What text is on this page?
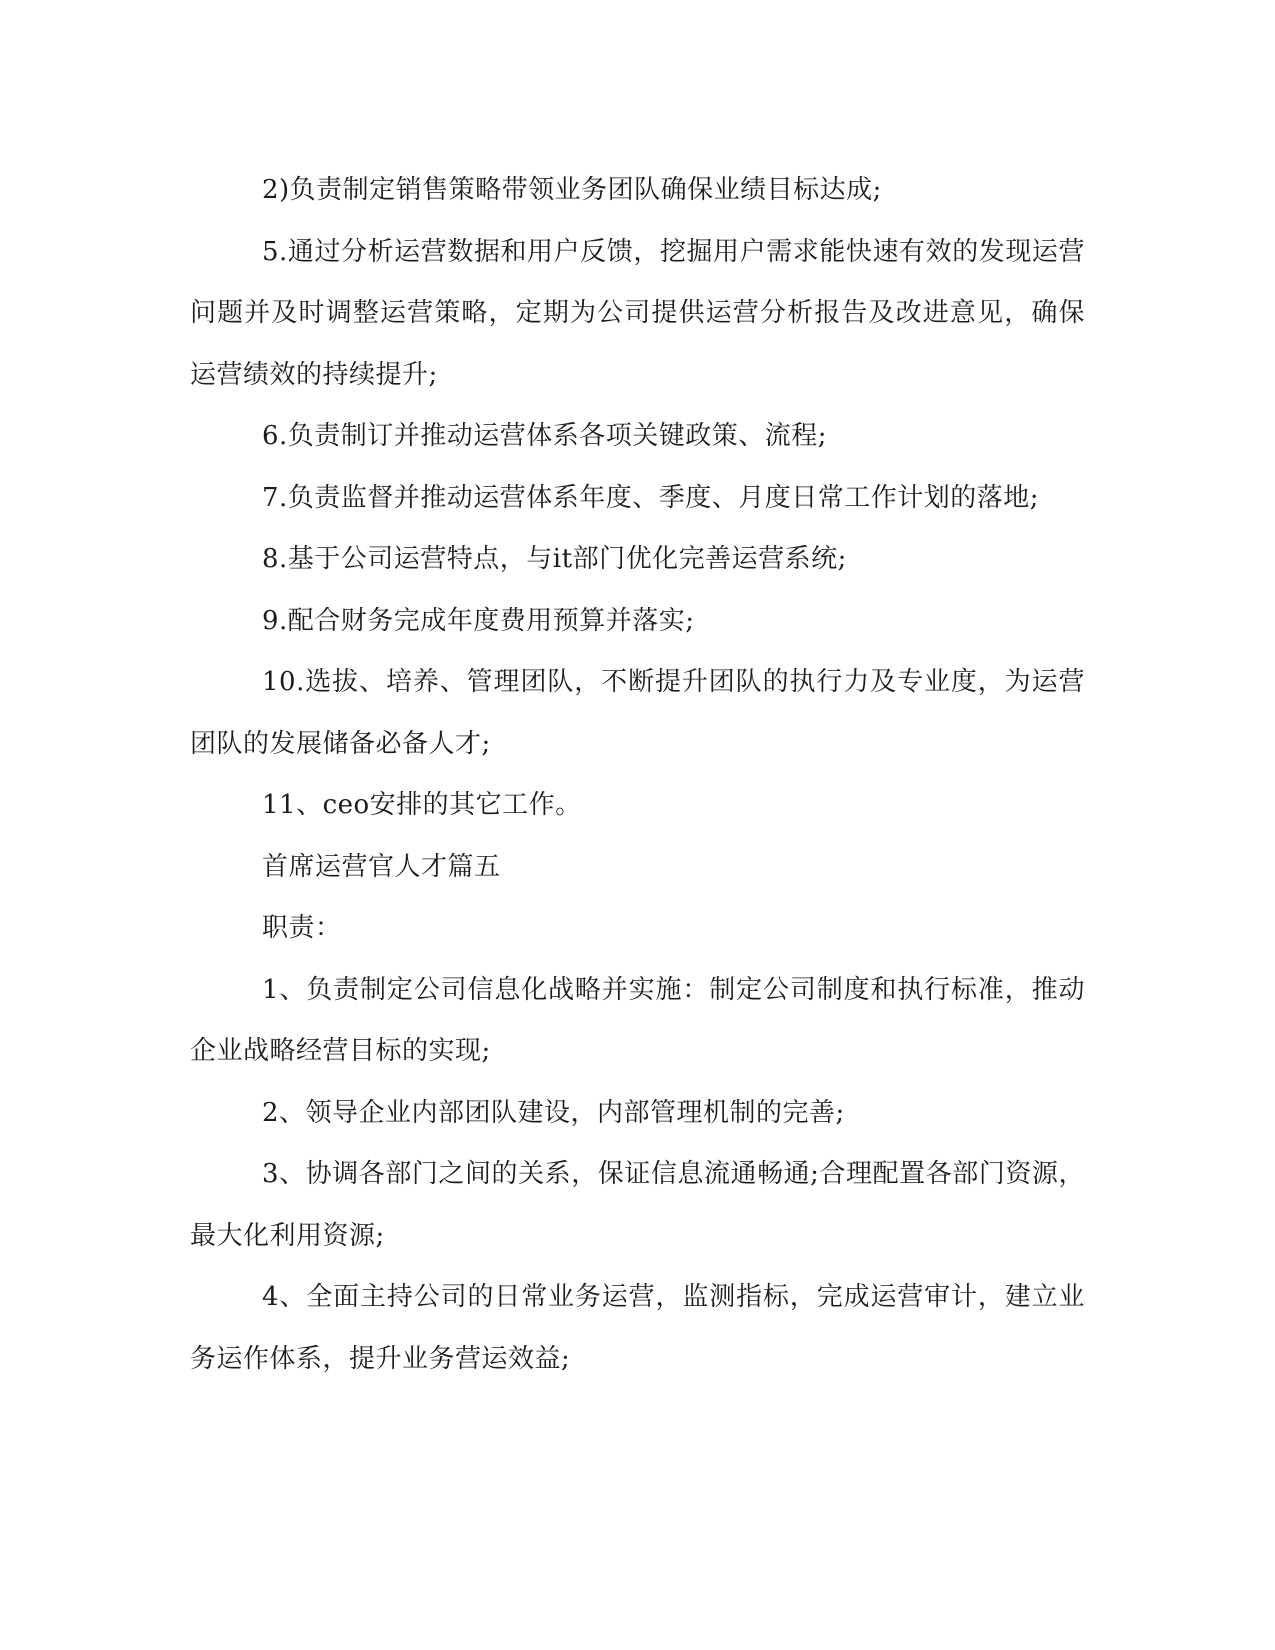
2)负责制定销售策略带领业务团队确保业绩目标达成;

5.通过分析运营数据和用户反馈，挖掘用户需求能快速有效的发现运营问题并及时调整运营策略，定期为公司提供运营分析报告及改进意见，确保运营绩效的持续提升;

6.负责制订并推动运营体系各项关键政策、流程;

7.负责监督并推动运营体系年度、季度、月度日常工作计划的落地;

8.基于公司运营特点，与it部门优化完善运营系统;

9.配合财务完成年度费用预算并落实;

10.选拔、培养、管理团队，不断提升团队的执行力及专业度，为运营团队的发展储备必备人才;

11、ceo安排的其它工作。

首席运营官人才篇五

职责：

1、负责制定公司信息化战略并实施：制定公司制度和执行标准，推动企业战略经营目标的实现;

2、领导企业内部团队建设，内部管理机制的完善;

3、协调各部门之间的关系，保证信息流通畅通;合理配置各部门资源，最大化利用资源;

4、全面主持公司的日常业务运营，监测指标，完成运营审计，建立业务运作体系，提升业务营运效益;
